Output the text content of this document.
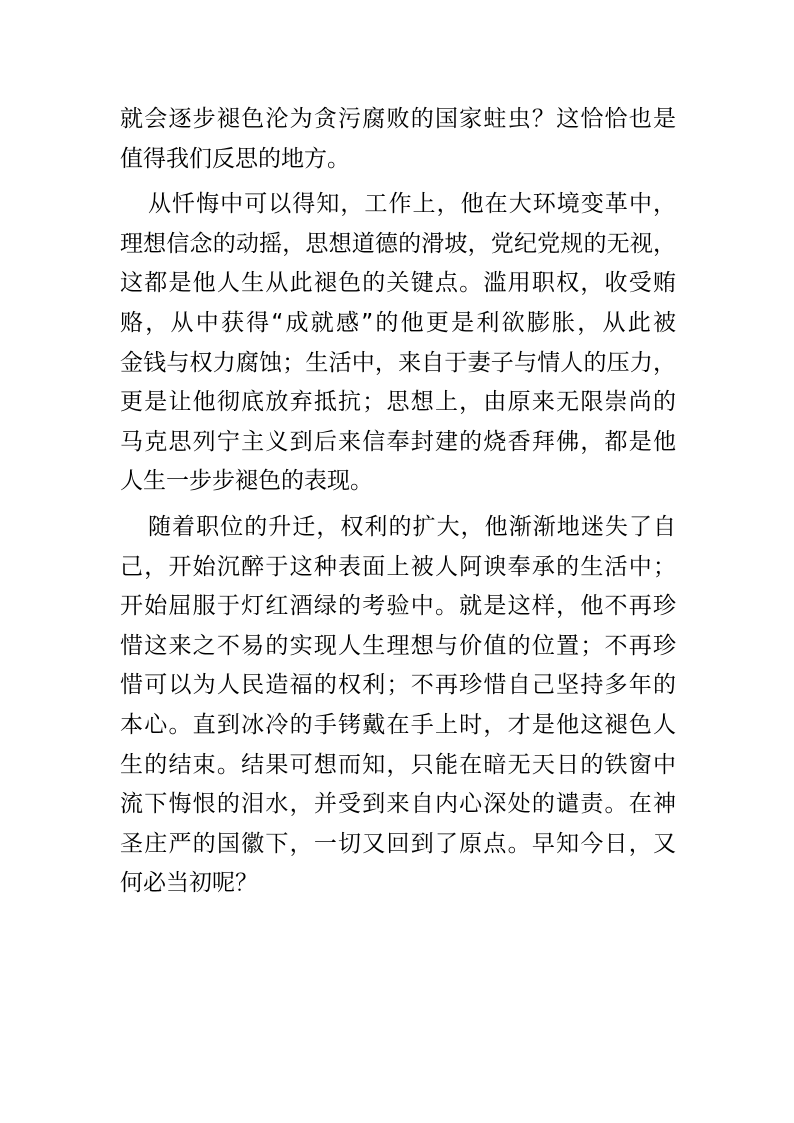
就会逐步褪色沦为贪污腐败的国家蛀虫？这恰恰也是
值得我们反思的地方。
从忏悔中可以得知，工作上，他在大环境变革中，
理想信念的动摇，思想道德的滑坡，党纪党规的无视，
这都是他人生从此褪色的关键点。滥用职权，收受贿
赂，从中获得“成就感”的他更是利欲膨胀，从此被
金钱与权力腐蚀；生活中，来自于妻子与情人的压力，
更是让他彻底放弃抵抗；思想上，由原来无限崇尚的
马克思列宁主义到后来信奉封建的烧香拜佛，都是他
人生一步步褪色的表现。
随着职位的升迁，权利的扩大，他渐渐地迷失了自
己，开始沉醉于这种表面上被人阿谀奉承的生活中；
开始屈服于灯红酒绿的考验中。就是这样，他不再珍
惜这来之不易的实现人生理想与价值的位置；不再珍
惜可以为人民造福的权利；不再珍惜自己坚持多年的
本心。直到冰冷的手铐戴在手上时，才是他这褪色人
生的结束。结果可想而知，只能在暗无天日的铁窗中
流下悔恨的泪水，并受到来自内心深处的谴责。在神
圣庄严的国徽下，一切又回到了原点。早知今日，又
何必当初呢？
